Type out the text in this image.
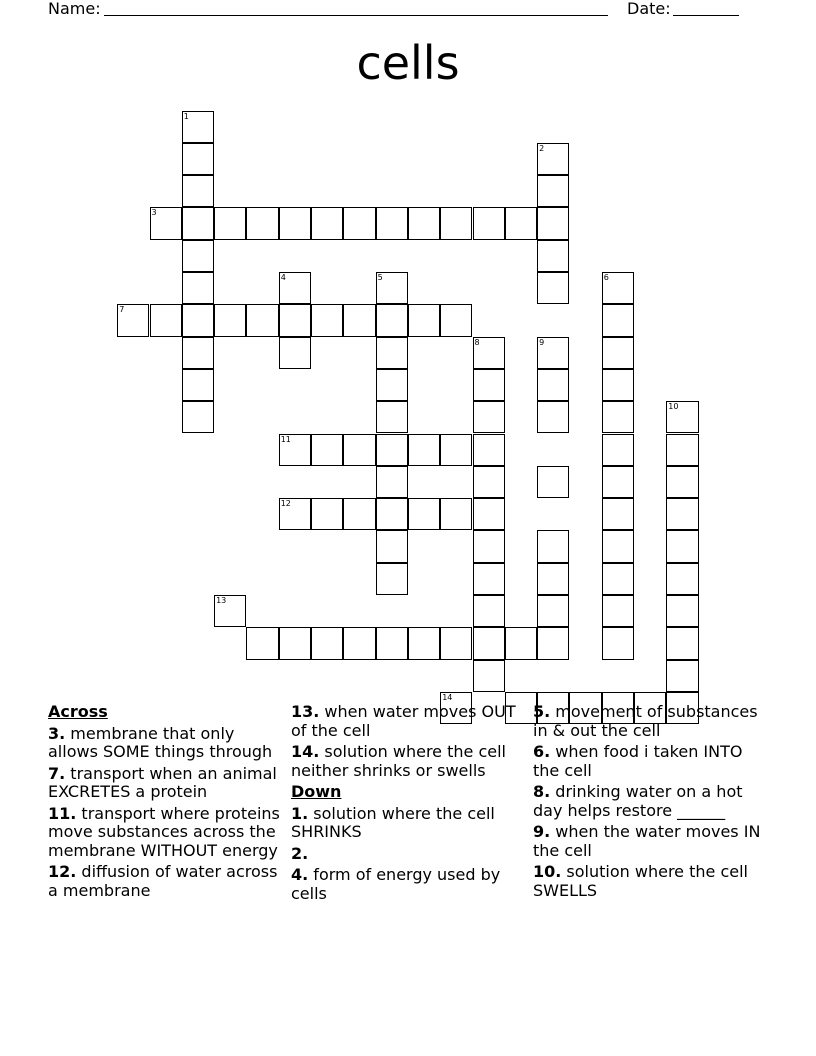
Name:	Date:
cells
1
2
3
4	5	6
7
8	9
10
11
12
13
14
Across
3. membrane that only allows SOME things through
7. transport when an animal EXCRETES a protein
11. transport where proteins move substances across the membrane WITHOUT energy
12. diffusion of water across a membrane
13. when water moves OUT of the cell
14. solution where the cell neither shrinks or swells
Down
1. solution where the cell SHRINKS
2.
4. form of energy used by cells
5. movement of substances in & out the cell
6. when food i taken INTO the cell
8. drinking water on a hot day helps restore ______
9. when the water moves IN the cell
10. solution where the cell SWELLS
